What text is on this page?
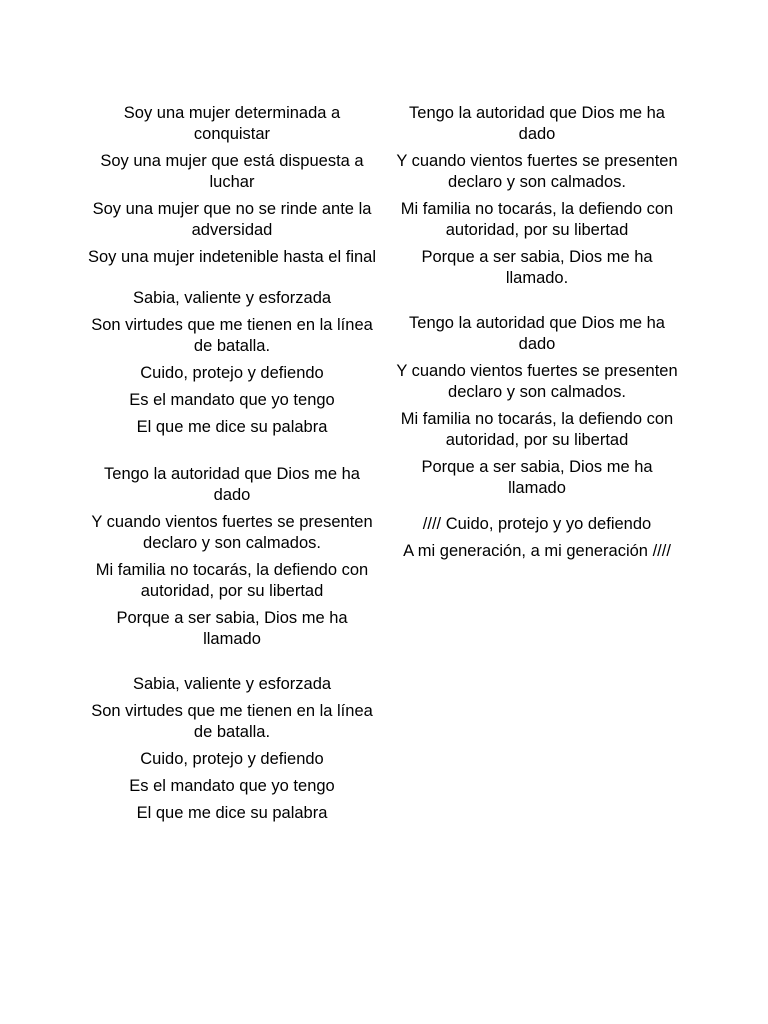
Soy una mujer determinada a conquistar

Soy una mujer que está dispuesta a luchar

Soy una mujer que no se rinde ante la adversidad

Soy una mujer indetenible hasta el final

Sabia, valiente y esforzada

Son virtudes que me tienen en la línea de batalla.

Cuido, protejo y defiendo

Es el mandato que yo tengo

El que me dice su palabra

Tengo la autoridad que Dios me ha dado

Y cuando vientos fuertes se presenten declaro y son calmados.

Mi familia no tocarás, la defiendo con autoridad, por su libertad

Porque a ser sabia, Dios me ha llamado

Sabia, valiente y esforzada

Son virtudes que me tienen en la línea de batalla.

Cuido, protejo y defiendo

Es el mandato que yo tengo

El que me dice su palabra

Tengo la autoridad que Dios me ha dado

Y cuando vientos fuertes se presenten declaro y son calmados.

Mi familia no tocarás, la defiendo con autoridad, por su libertad

Porque a ser sabia, Dios me ha llamado.

Tengo la autoridad que Dios me ha dado

Y cuando vientos fuertes se presenten declaro y son calmados.

Mi familia no tocarás, la defiendo con autoridad, por su libertad

Porque a ser sabia, Dios me ha llamado

//// Cuido, protejo y yo defiendo

A mi generación, a mi generación ////
